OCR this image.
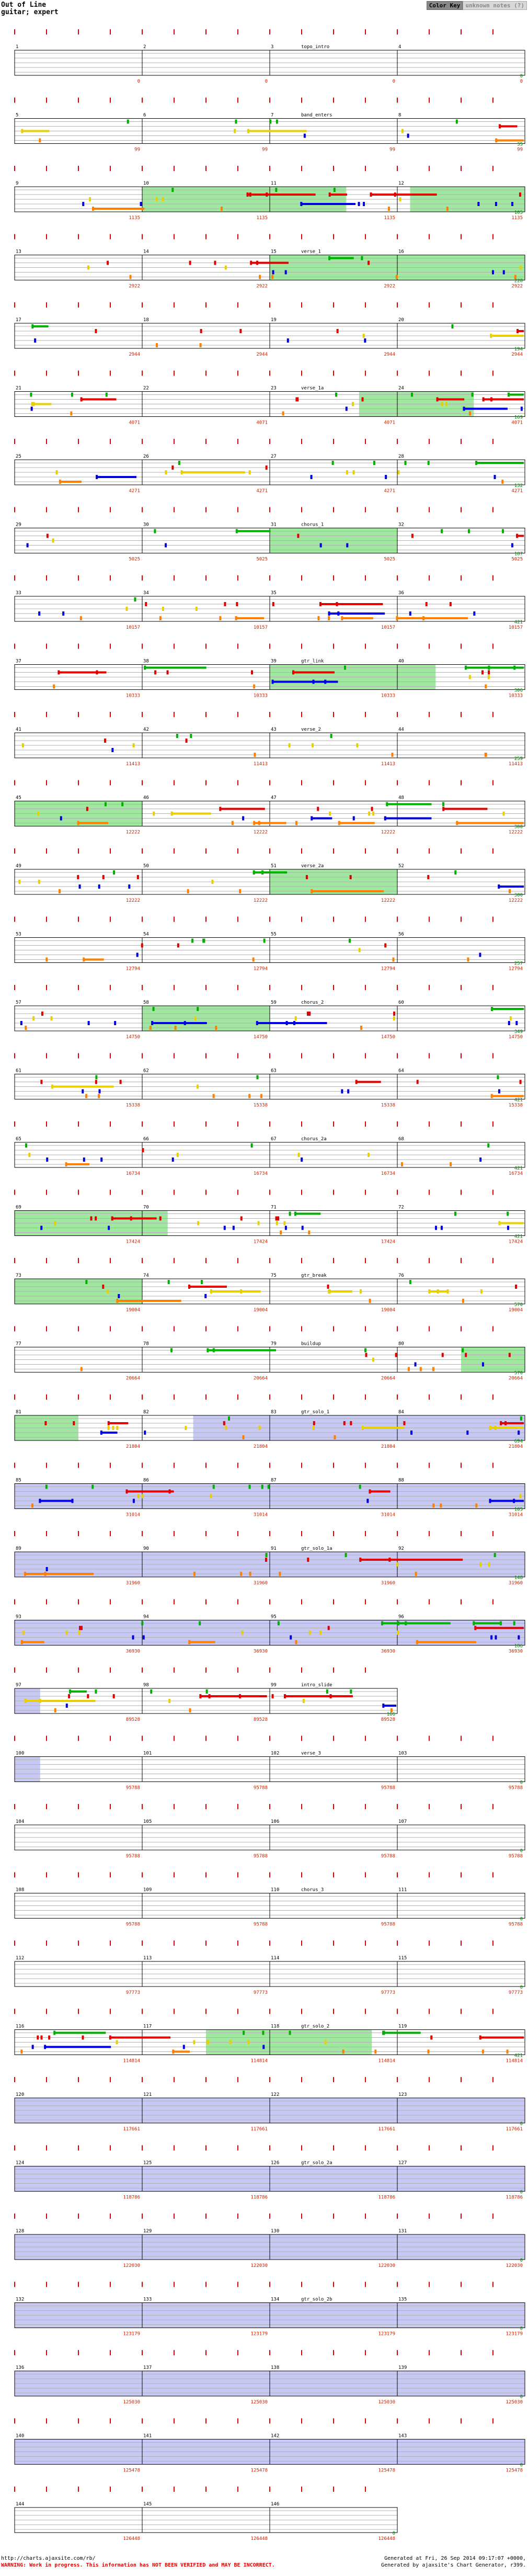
Out of Line
guitar; expert
Color Key unknown notes (?)
1	2	3	4
topo_intro
0	0	0	0
0
5	6	7	8
band_enters
99	99	99	99
35
9	10	11	12
1135	1135	1135	1135
105
13	14	15	16
verse_1
2922	2922	2922	2922
228
17	18	19	20
2944	2944	2944	2944
194
21	22	23	24
verse_1a
4071	4071	4071	4071
169
25	26	27	28
4271	4271	4271	4271
132
29	30	31	32
chorus_1
5025	5025	5025	5025
187
33	34	35	36
10157	10157	10157	10157
421
37	38	39	40
gtr_link
10333	10333	10333	10333
306
41	42	43	44
verse_2
11413	11413	11413	11413
259
45	46	47	48
12222	12222	12222	12222
300
49	50	51	52
verse_2a
12222	12222	12222	12222
300
53	54	55	56
12794	12794	12794	12794
257
57	58	59	60
chorus_2
14750	14750	14750	14750
349
61	62	63	64
15338	15338	15338	15338
421
65	66	67	68
chorus_2a
16734	16734	16734	16734
421
69	70	71	72
17424	17424	17424	17424
421
73	74	75	76
gtr_break
19004	19004	19004	19004
570
77	78	79	80
buildup
20664	20664	20664	20664
570
81	82	83	84
gtr_solo_1
21804	21804	21804	21804
694
85	86	87	88
31014	31014	31014	31014
105
89	90	91	92
gtr_solo_1a
31960	31960	31960	31960
148
93	94	95	96
36930	36930	36930	36930
186
97	98	99	intro_slide
89528	89528	89528
166
100	101	102	103
verse_3
95788	95788	95788	95788
0
104	105	106	107
95788	95788	95788	95788
0
108	109	110	111
chorus_3
95788	95788	95788	95788
0
112	113	114	115
97773	97773	97773	97773
0
116	117	118	119
gtr_solo_2
114814	114814	114814	114814
421
120	121	122	123
117661	117661	117661	117661
0
124	125	126	127
gtr_solo_2a
118786	118786	118786	118786
0
128	129	130	131
122030	122030	122030	122030
0
132	133	134	135
gtr_solo_2b
123179	123179	123179	123179
0
136	137	138	139
125030	125030	125030	125030
0
140	141	142	143
125478	125478	125478	125478
0
144	145	146
126448	126448	126448
0
http://charts.ajaxsite.com/rb/
WARNING: Work in progress. This information has NOT BEEN VERIFIED and MAY BE INCORRECT.
Generated at Fri, 26 Sep 2014 09:17:07 +0000,
Generated by ajaxsite's Chart Generator, r399.
